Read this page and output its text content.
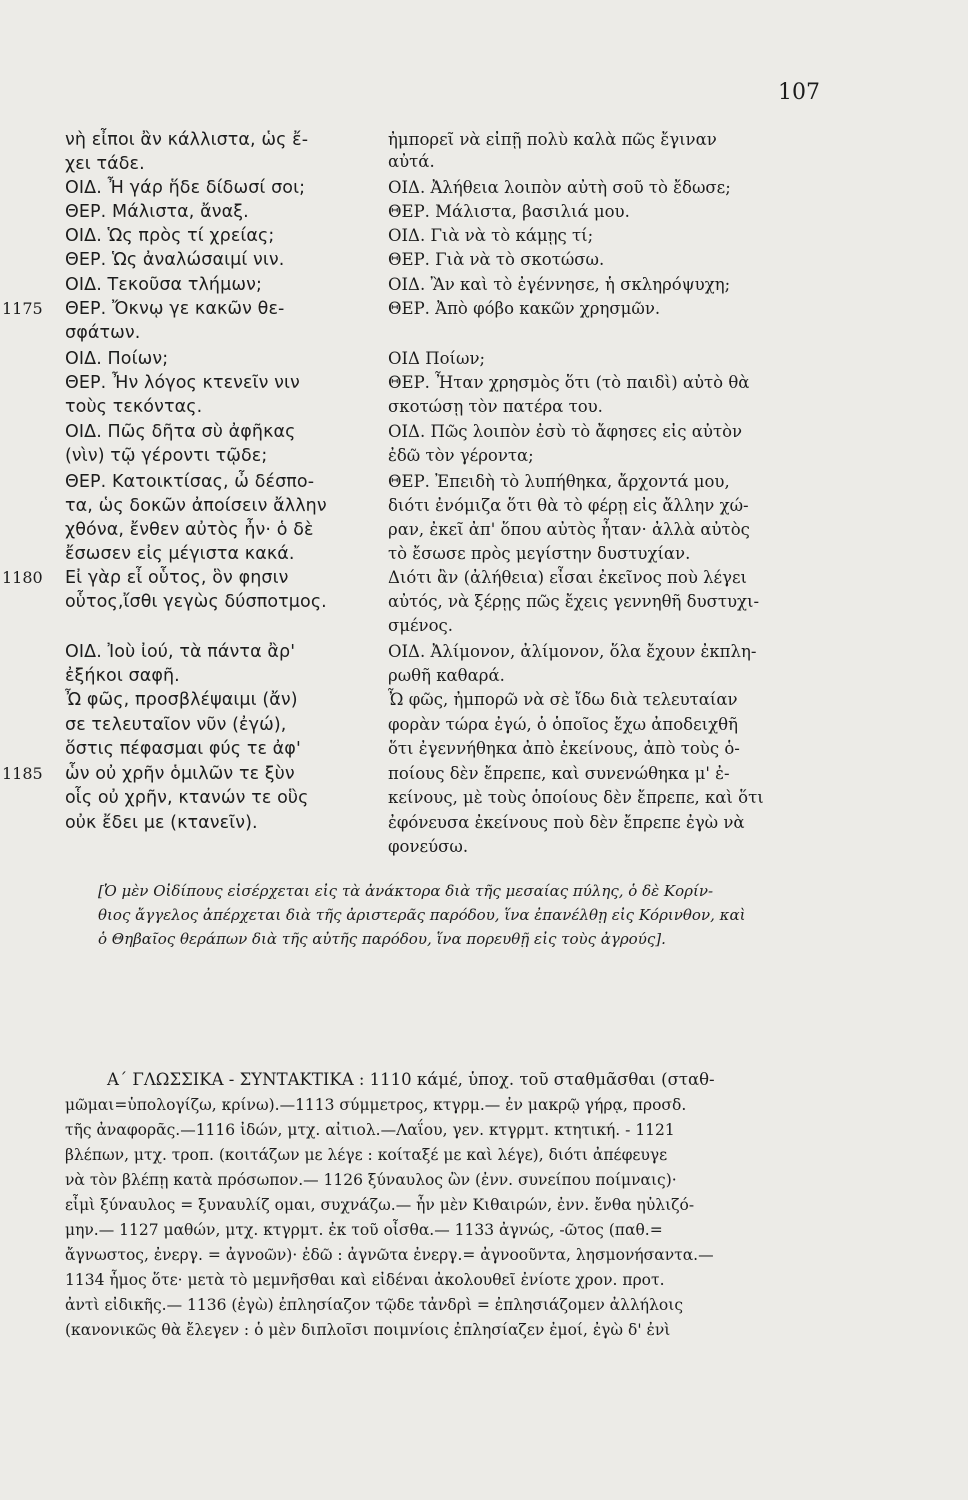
107
νὴ εἶποι ἂν κάλλιστα, ὡς ἔ-
χει τάδε.
ΟΙΔ. Ἦ γάρ ἥδε δίδωσί σοι;
ΘΕΡ. Μάλιστα, ἄναξ.
ΟΙΔ. Ὡς πρὸς τί χρείας;
ΘΕΡ. Ὡς ἀναλώσαιμί νιν.
ΟΙΔ. Τεκοῦσα τλήμων;
ΘΕΡ. Ὄκνῳ γε κακῶν θε-
σφάτων.
ΟΙΔ. Ποίων;
ΘΕΡ. Ἦν λόγος κτενεῖν νιν
τοὺς τεκόντας.
ΟΙΔ. Πῶς δῆτα σὺ ἀφῆκας
(νὶν) τῷ γέροντι τῷδε;
ΘΕΡ. Κατοικτίσας, ὦ δέσπο-
τα, ὡς δοκῶν ἀποίσειν ἄλλην
χθόνα, ἔνθεν αὐτὸς ἦν· ὁ δὲ
ἔσωσεν εἰς μέγιστα κακά.
Εἰ γὰρ εἶ οὗτος, ὃν φησιν
οὗτος,ἴσθι γεγὼς δύσποτμος.
ΟΙΔ. Ἰοὺ ἰού, τὰ πάντα ἂρ'
ἐξήκοι σαφῆ.
Ὦ φῶς, προσβλέψαιμι (ἄν)
σε τελευταῖον νῦν (ἐγώ),
ὅστις πέφασμαι φύς τε ἀφ'
ὧν οὐ χρῆν ὁμιλῶν τε ξὺν
οἷς οὐ χρῆν, κτανών τε οὓς
οὐκ ἔδει με (κτανεῖν).
1175
1180
1185
ἠμπορεῖ νὰ εἰπῇ πολὺ καλὰ πῶς ἔγιναν
αὐτά.
ΟΙΔ. Ἀλήθεια λοιπὸν αὐτὴ σοῦ τὸ ἔδωσε;
ΘΕΡ. Μάλιστα, βασιλιά μου.
ΟΙΔ. Γιὰ νὰ τὸ κάμῃς τί;
ΘΕΡ. Γιὰ νὰ τὸ σκοτώσω.
ΟΙΔ. Ἂν καὶ τὸ ἐγέννησε, ἡ σκληρόψυχη;
ΘΕΡ. Ἀπὸ φόβο κακῶν χρησμῶν.
ΟΙΔ Ποίων;
ΘΕΡ. Ἦταν χρησμὸς ὅτι (τὸ παιδὶ) αὐτὸ θὰ
σκοτώσῃ τὸν πατέρα του.
ΟΙΔ. Πῶς λοιπὸν ἐσὺ τὸ ἄφησες εἰς αὐτὸν
ἐδῶ τὸν γέροντα;
ΘΕΡ. Ἐπειδὴ τὸ λυπήθηκα, ἄρχοντά μου,
διότι ἐνόμιζα ὅτι θὰ τὸ φέρῃ εἰς ἄλλην χώ-
ραν, ἐκεῖ ἀπ' ὅπου αὐτὸς ἦταν· ἀλλὰ αὐτὸς
τὸ ἔσωσε πρὸς μεγίστην δυστυχίαν.
Διότι ἂν (ἀλήθεια) εἶσαι ἐκεῖνος ποὺ λέγει
αὐτός, νὰ ξέρῃς πῶς ἔχεις γεννηθῆ δυστυχι-
σμένος.
ΟΙΔ. Ἀλίμονον, ἀλίμονον, ὅλα ἔχουν ἐκπλη-
ρωθῆ καθαρά.
Ὦ φῶς, ἠμπορῶ νὰ σὲ ἴδω διὰ τελευταίαν
φορὰν τώρα ἐγώ, ὁ ὁποῖος ἔχω ἀποδειχθῆ
ὅτι ἐγεννήθηκα ἀπὸ ἐκείνους, ἀπὸ τοὺς ὁ-
ποίους δὲν ἔπρεπε, καὶ συνενώθηκα μ' ἐ-
κείνους, μὲ τοὺς ὁποίους δὲν ἔπρεπε, καὶ ὅτι
ἐφόνευσα ἐκείνους ποὺ δὲν ἔπρεπε ἐγὼ νὰ
φονεύσω.
[Ὁ μὲν Οἰδίπους εἰσέρχεται εἰς τὰ ἀνάκτορα διὰ τῆς μεσαίας πύλης, ὁ δὲ Κορίν-
θιος ἄγγελος ἀπέρχεται διὰ τῆς ἀριστερᾶς παρόδου, ἵνα ἐπανέλθῃ εἰς Κόρινθον, καὶ
ὁ Θηβαῖος θεράπων διὰ τῆς αὐτῆς παρόδου, ἵνα πορευθῇ εἰς τοὺς ἀγρούς].
Α΄ ΓΛΩΣΣΙΚΑ - ΣΥΝΤΑΚΤΙΚΑ : 1110 κάμέ, ὑποχ. τοῦ σταθμᾶσθαι (σταθ-
μῶμαι=ὑπολογίζω, κρίνω).—1113 σύμμετρος, κτγρμ.— ἐν μακρῷ γήρᾳ, προσδ.
τῆς ἀναφορᾶς.—1116 ἰδών, μτχ. αἰτιολ.—Λαΐου, γεν. κτγρμτ. κτητική. - 1121
βλέπων, μτχ. τροπ. (κοιτάζων με λέγε : κοίταξέ με καὶ λέγε), διότι ἀπέφευγε
νὰ τὸν βλέπῃ κατὰ πρόσωπον.— 1126 ξύναυλος ὢν (ἐνν. συνείπου ποίμναις)·
εἶμὶ ξύναυλος = ξυναυλίζ ομαι, συχνάζω.— ἦν μὲν Κιθαιρών, ἐνν. ἔνθα ηὐλιζό-
μην.— 1127 μαθών, μτχ. κτγρμτ. ἐκ τοῦ οἶσθα.— 1133 ἀγνώς, -ῶτος (παθ.=
ἄγνωστος, ἐνεργ. = ἀγνοῶν)· ἐδῶ : ἀγνῶτα ἐνεργ.= ἀγνοοῦντα, λησμονήσαντα.—
1134 ἦμος ὅτε· μετὰ τὸ μεμνῆσθαι καὶ εἰδέναι ἀκολουθεῖ ἐνίοτε χρον. προτ.
ἀντὶ εἰδικῆς.— 1136 (ἐγὼ) ἐπλησίαζον τῷδε τἀνδρὶ = ἐπλησιάζομεν ἀλλήλοις
(κανονικῶς θὰ ἔλεγεν : ὁ μὲν διπλοῖσι ποιμνίοις ἐπλησίαζεν ἐμοί, ἐγὼ δ' ἐνὶ
